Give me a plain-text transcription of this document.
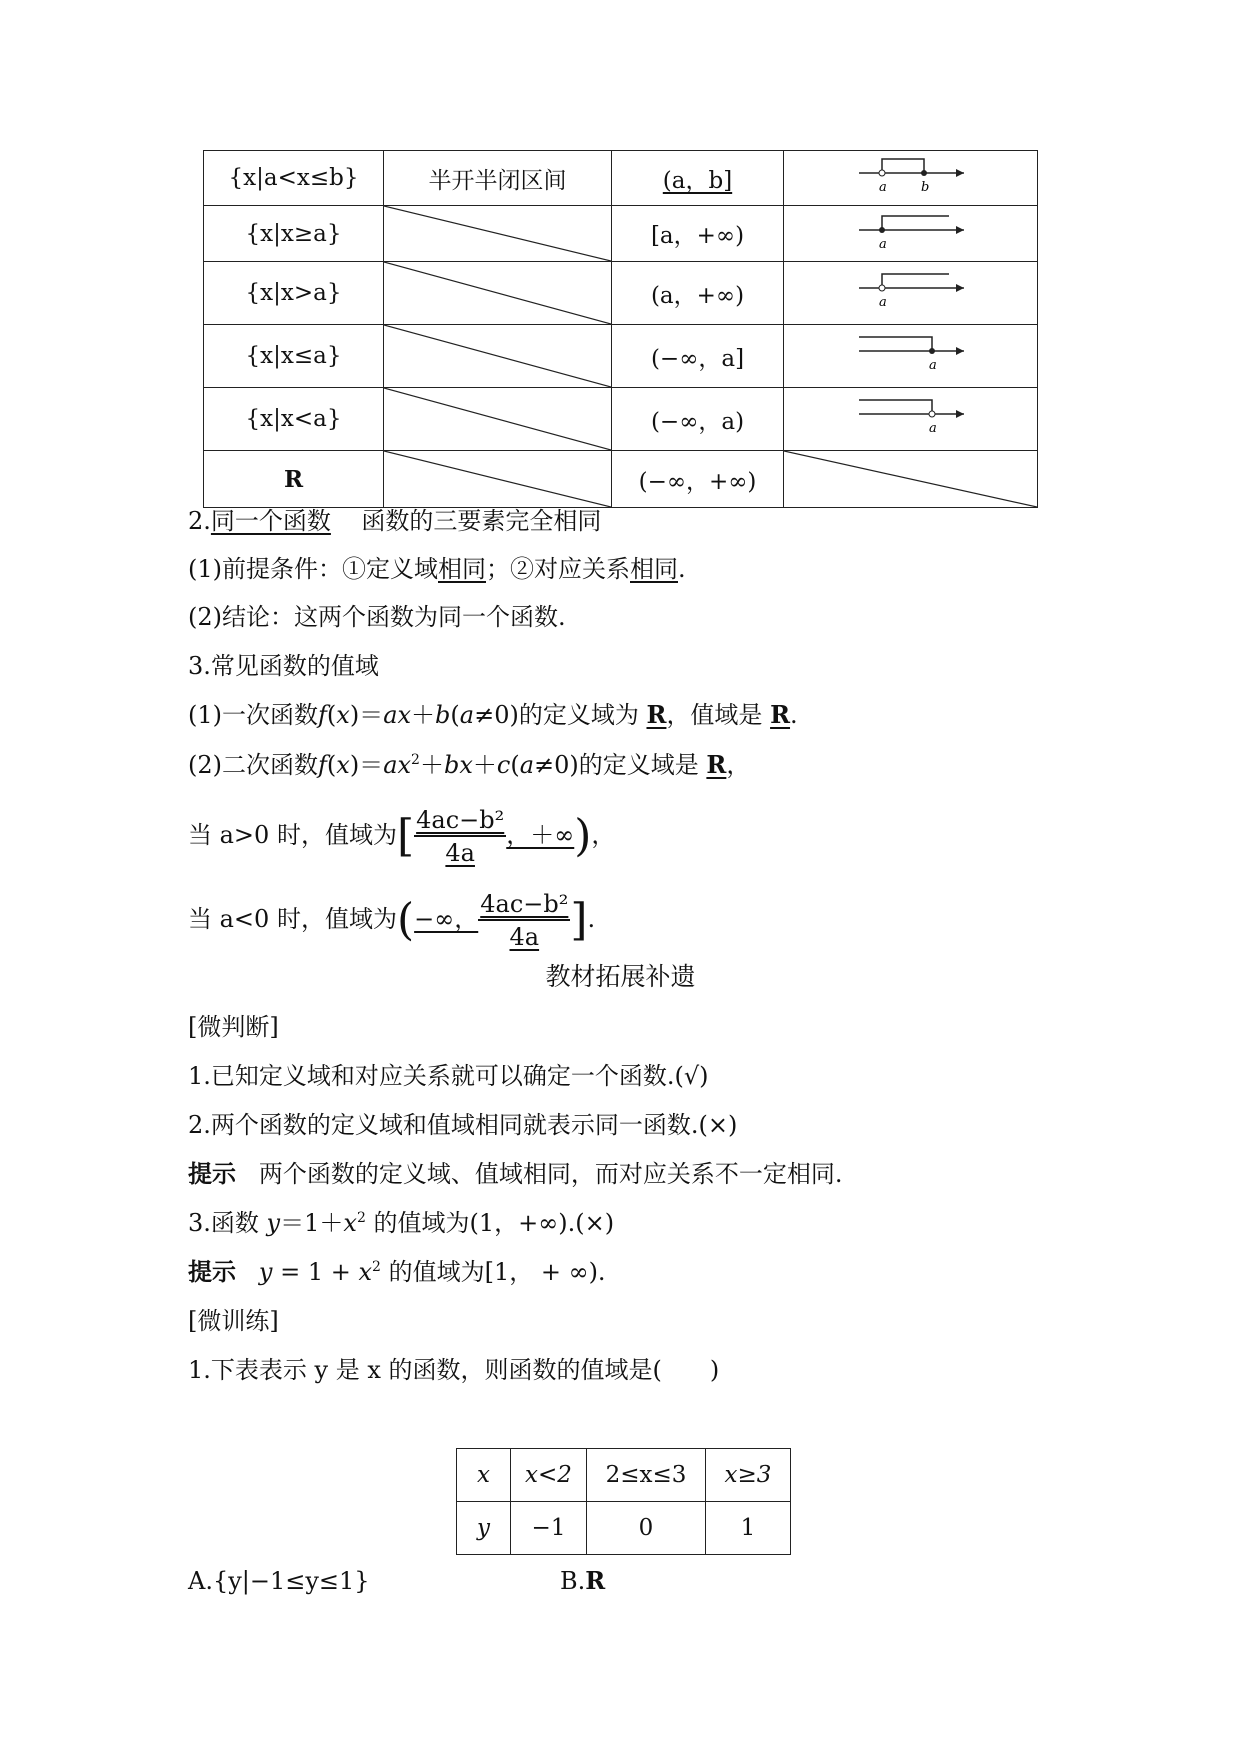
{x|a<x≤b}	半开半闭区间	(a，b]	a b

{x|x≥a}		[a，+∞)	a

{x|x>a}		(a，+∞)	a

{x|x≤a}		(−∞，a]	a

{x|x<a}		(−∞，a)	a

R		(−∞，+∞)	
2.同一个函数 函数的三要素完全相同
(1)前提条件：①定义域相同；②对应关系相同.
(2)结论：这两个函数为同一个函数.
3.常见函数的值域
(1)一次函数f(x)＝ax＋b(a≠0)的定义域为 R，值域是 R.
(2)二次函数$f(x)=ax^2+bx+c(a\ne 0)$的定义域是 R，
当 a>0 时，值域为[ $\frac{\text{4ac−b²}}{4a}$ ，＋∞)，
当 a<0 时，值域为(−∞， $\frac{\text{4ac−b²}}{4a}$ ].
教材拓展补遗
[微判断]
1.已知定义域和对应关系就可以确定一个函数.(√)
2.两个函数的定义域和值域相同就表示同一函数.(×)
提示 两个函数的定义域、值域相同，而对应关系不一定相同.
3.函数 $y=1+x^2$ 的值域为(1，+∞).(×)
提示 $y = 1 + x^2$ 的值域为[1， + ∞).
[微训练]
1.下表表示 y 是 x 的函数，则函数的值域是(　　)
x	x<2	2≤x≤3	x≥3
y	−1	0	1
A.{y|−1≤y≤1}	B.R
